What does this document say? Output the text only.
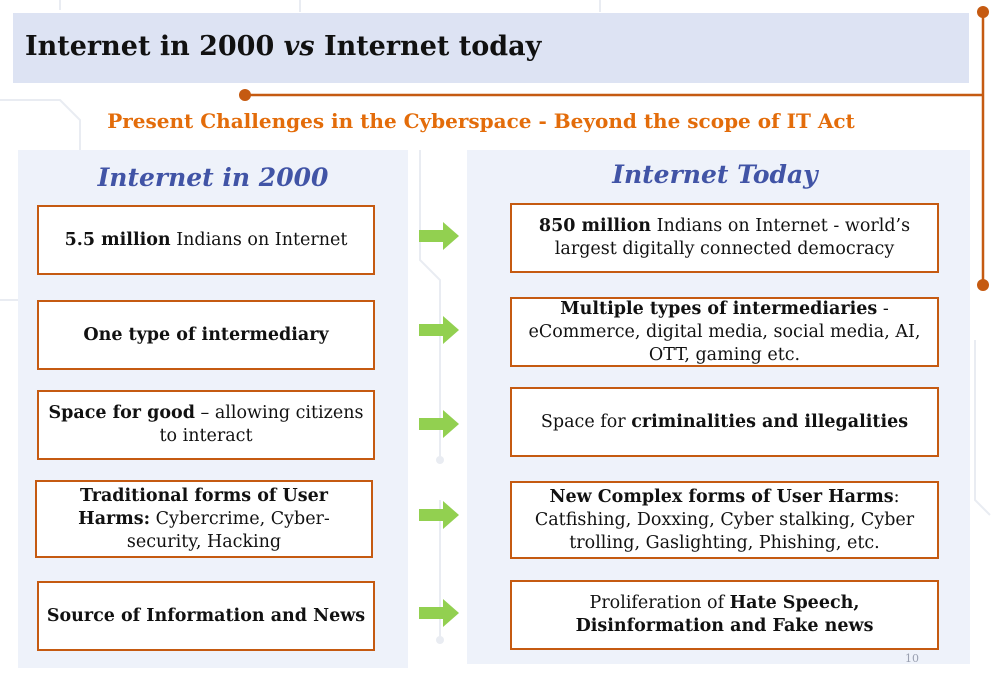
Internet in 2000 vs Internet today
Present Challenges in the Cyberspace - Beyond the scope of IT Act
Internet in 2000	Internet Today
5.5 million Indians on Internet
850 million Indians on Internet - world’s largest digitally connected democracy
One type of intermediary
Multiple types of intermediaries - eCommerce, digital media, social media, AI, OTT, gaming etc.
Space for good – allowing citizens to interact
Space for criminalities and illegalities
Traditional forms of User Harms: Cybercrime, Cyber-security, Hacking
New Complex forms of User Harms: Catfishing, Doxxing, Cyber stalking, Cyber trolling, Gaslighting, Phishing, etc.
Source of Information and News
Proliferation of Hate Speech, Disinformation and Fake news
10
